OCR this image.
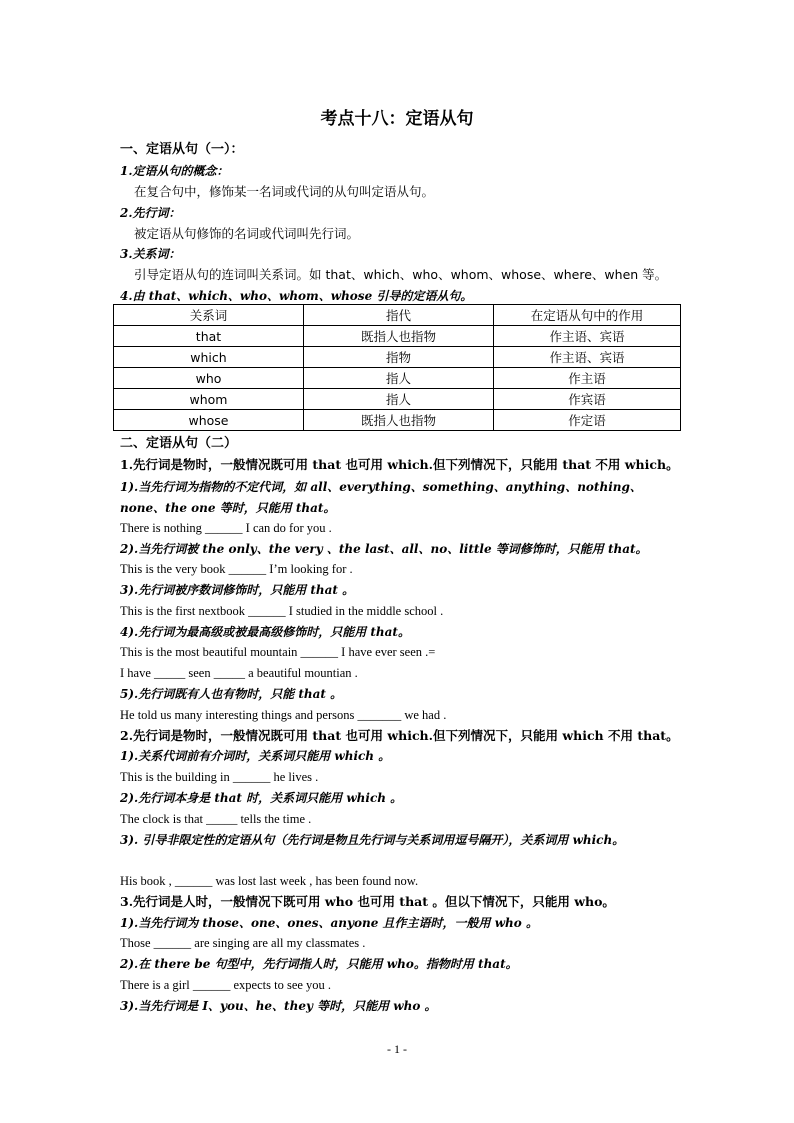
考点十八：定语从句
一、定语从句（一）：
1.定语从句的概念：
在复合句中，修饰某一名词或代词的从句叫定语从句。
2.先行词：
被定语从句修饰的名词或代词叫先行词。
3.关系词：
引导定语从句的连词叫关系词。如 that、which、who、whom、whose、where、when 等。
4.由 that、which、who、whom、whose 引导的定语从句。
关系词	指代	在定语从句中的作用
that	既指人也指物	作主语、宾语
which	指物	作主语、宾语
who	指人	作主语
whom	指人	作宾语
whose	既指人也指物	作定语
二、定语从句（二）
1.先行词是物时，一般情况既可用 that 也可用 which.但下列情况下，只能用 that 不用 which。
1).当先行词为指物的不定代词，如 all、everything、something、anything、nothing、none、the one 等时，只能用 that。
There is nothing ______ I can do for you .
2).当先行词被 the only、the very 、the last、all、no、little 等词修饰时，只能用 that。
This is the very book ______ I’m looking for .
3).先行词被序数词修饰时，只能用 that 。
This is the first nextbook ______ I studied in the middle school .
4).先行词为最高级或被最高级修饰时，只能用 that。
This is the most beautiful mountain ______ I have ever seen .=
I have _____ seen _____ a beautiful mountian .
5).先行词既有人也有物时，只能 that 。
He told us many interesting things and persons _______ we had .
2.先行词是物时，一般情况既可用 that 也可用 which.但下列情况下，只能用 which 不用 that。
1).关系代词前有介词时，关系词只能用 which 。
This is the building in ______ he lives .
2).先行词本身是 that 时，关系词只能用 which 。
The clock is that _____ tells the time .
3). 引导非限定性的定语从句（先行词是物且先行词与关系词用逗号隔开），关系词用 which。
His book , ______ was lost last week , has been found now.
3.先行词是人时，一般情况下既可用 who 也可用 that 。但以下情况下，只能用 who。
1).当先行词为 those、one、ones、anyone 且作主语时，一般用 who 。
Those ______ are singing are all my classmates .
2).在 there be 句型中，先行词指人时，只能用 who。指物时用 that。
There is a girl ______ expects to see you .
3).当先行词是 I、you、he、they 等时，只能用 who 。
- 1 -
